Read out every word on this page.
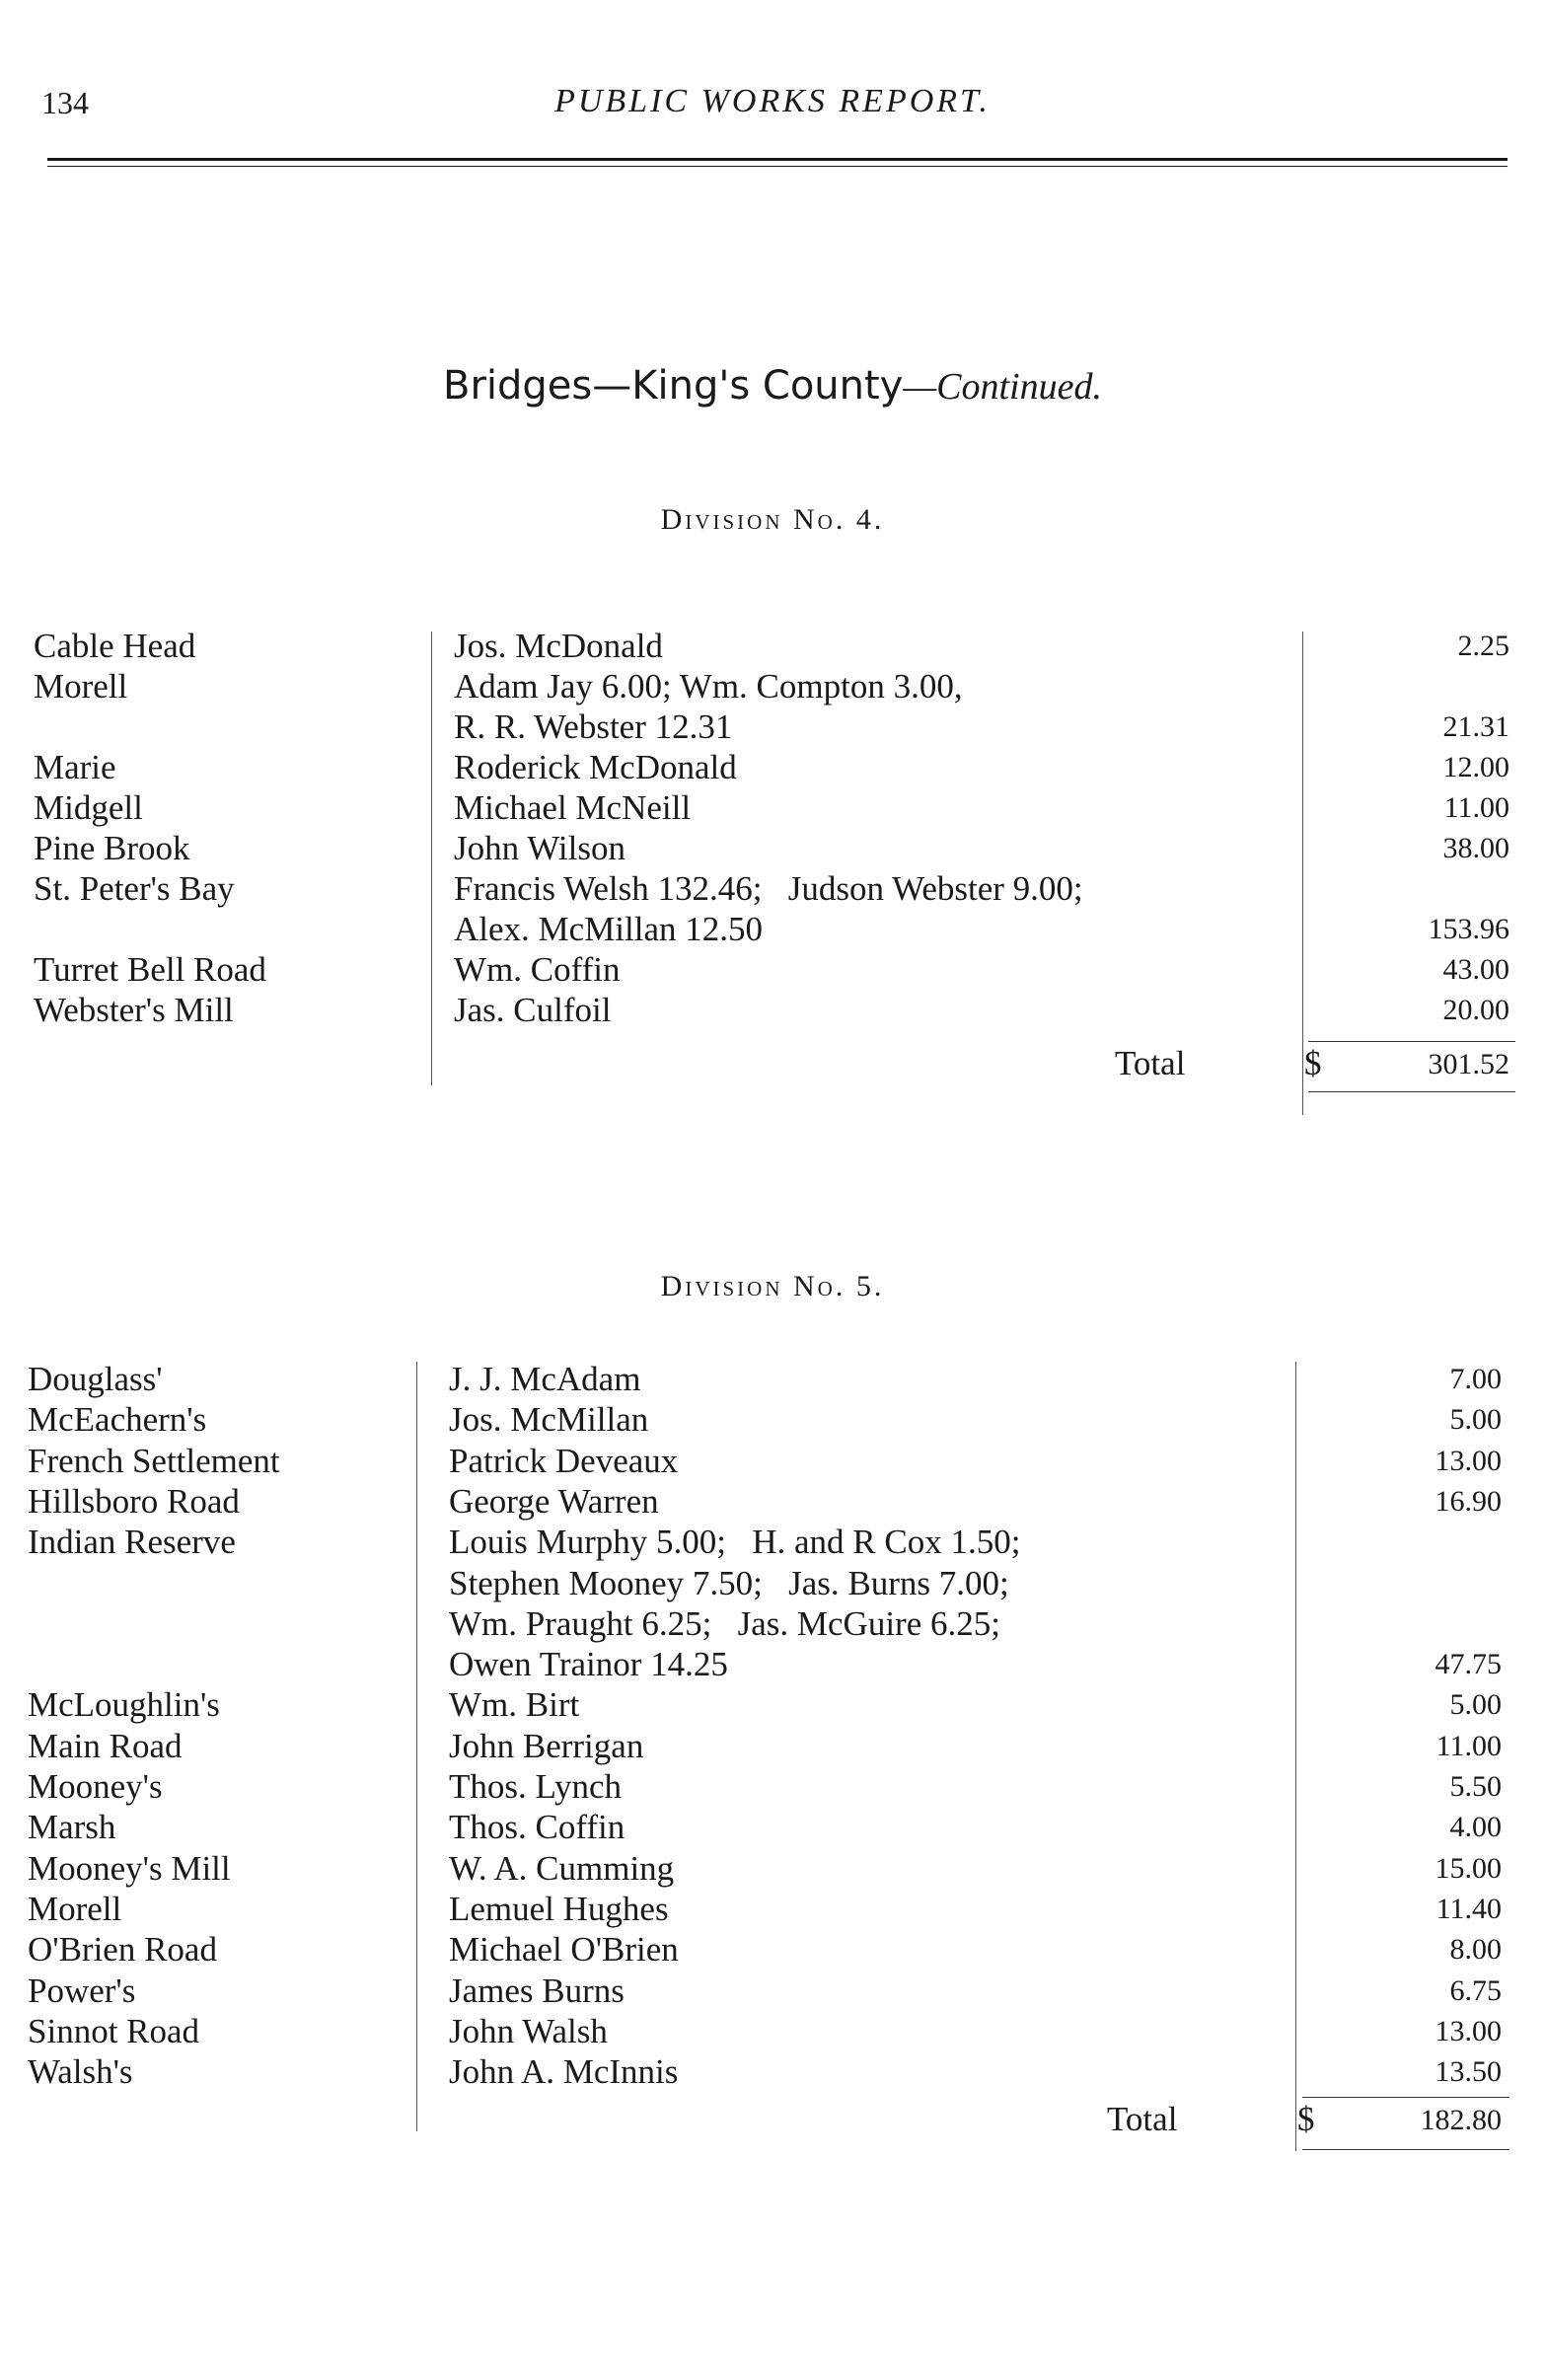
134	PUBLIC WORKS REPORT.
Bridges—King's County—Continued.
Division No. 4.
Cable Head	Jos. McDonald	2.25
Morell	Adam Jay 6.00; Wm. Compton 3.00,
R. R. Webster 12.31	21.31
Marie	Roderick McDonald	12.00
Midgell	Michael McNeill	11.00
Pine Brook	John Wilson	38.00
St. Peter's Bay	Francis Welsh 132.46;   Judson Webster 9.00;
Alex. McMillan 12.50	153.96
Turret Bell Road	Wm. Coffin	43.00
Webster's Mill	Jas. Culfoil	20.00
Total	$	301.52
Division No. 5.
Douglass'	J. J. McAdam	7.00
McEachern's	Jos. McMillan	5.00
French Settlement	Patrick Deveaux	13.00
Hillsboro Road	George Warren	16.90
Indian Reserve	Louis Murphy 5.00;   H. and R Cox 1.50;
Stephen Mooney 7.50;   Jas. Burns 7.00;
Wm. Praught 6.25;   Jas. McGuire 6.25;
Owen Trainor 14.25	47.75
McLoughlin's	Wm. Birt	5.00
Main Road	John Berrigan	11.00
Mooney's	Thos. Lynch	5.50
Marsh	Thos. Coffin	4.00
Mooney's Mill	W. A. Cumming	15.00
Morell	Lemuel Hughes	11.40
O'Brien Road	Michael O'Brien	8.00
Power's	James Burns	6.75
Sinnot Road	John Walsh	13.00
Walsh's	John A. McInnis	13.50
Total	$	182.80
